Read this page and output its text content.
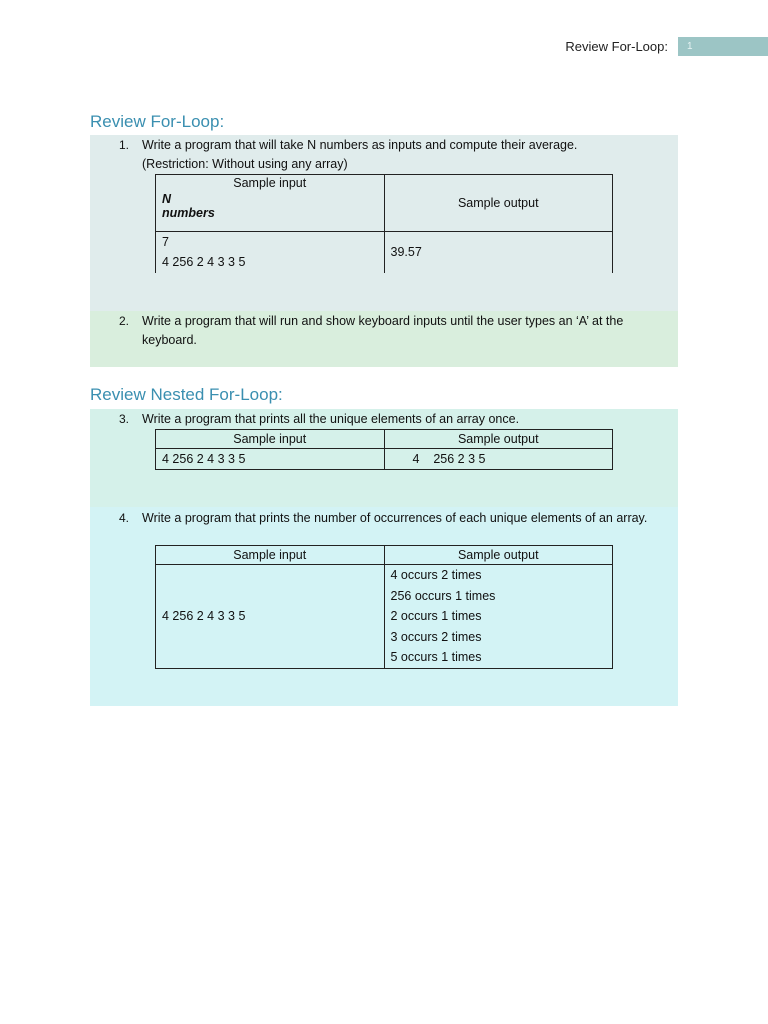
Review For-Loop:	1
Review For-Loop:
1. Write a program that will take N numbers as inputs and compute their average.
(Restriction: Without using any array)
Sample input
N
numbers	Sample output

7
4 256 2 4 3 3 5	39.57
2. Write a program that will run and show keyboard inputs until the user types an ‘A’ at the keyboard.
Review Nested For-Loop:
3. Write a program that prints all the unique elements of an array once.
Sample input	Sample output
4 256 2 4 3 3 5	4    256 2 3 5
4. Write a program that prints the number of occurrences of each unique elements of an array.
Sample input	Sample output
4 256 2 4 3 3 5	4 occurs 2 times
256 occurs 1 times
2 occurs 1 times
3 occurs 2 times
5 occurs 1 times
